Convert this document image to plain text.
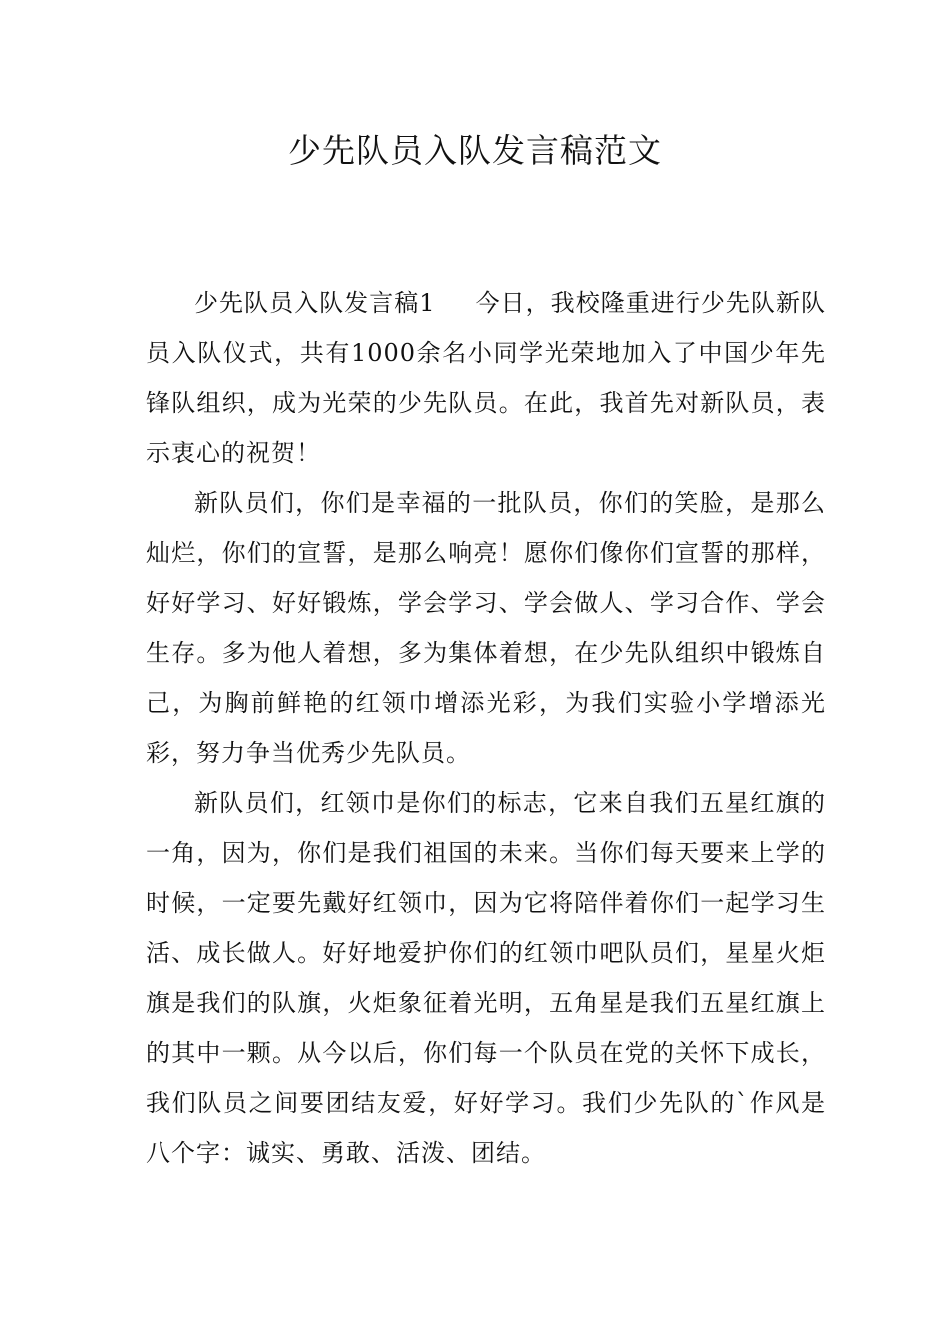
少先队员入队发言稿范文

少先队员入队发言稿1 今日，我校隆重进行少先队新队员入队仪式，共有1000余名小同学光荣地加入了中国少年先锋队组织，成为光荣的少先队员。在此，我首先对新队员，表示衷心的祝贺！

新队员们，你们是幸福的一批队员，你们的笑脸，是那么灿烂，你们的宣誓，是那么响亮！愿你们像你们宣誓的那样，好好学习、好好锻炼，学会学习、学会做人、学习合作、学会生存。多为他人着想，多为集体着想，在少先队组织中锻炼自己，为胸前鲜艳的红领巾增添光彩，为我们实验小学增添光彩，努力争当优秀少先队员。

新队员们，红领巾是你们的标志，它来自我们五星红旗的一角，因为，你们是我们祖国的未来。当你们每天要来上学的时候，一定要先戴好红领巾，因为它将陪伴着你们一起学习生活、成长做人。好好地爱护你们的红领巾吧队员们，星星火炬旗是我们的队旗，火炬象征着光明，五角星是我们五星红旗上的其中一颗。从今以后，你们每一个队员在党的关怀下成长，我们队员之间要团结友爱，好好学习。我们少先队的`作风是八个字：诚实、勇敢、活泼、团结。
